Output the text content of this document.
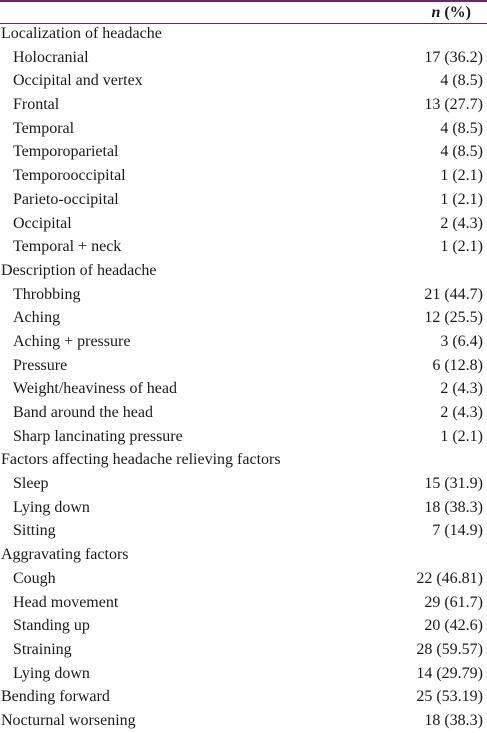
n (%)
Localization of headache
Holocranial	17 (36.2)
Occipital and vertex	4 (8.5)
Frontal	13 (27.7)
Temporal	4 (8.5)
Temporoparietal	4 (8.5)
Temporooccipital	1 (2.1)
Parieto-occipital	1 (2.1)
Occipital	2 (4.3)
Temporal + neck	1 (2.1)
Description of headache
Throbbing	21 (44.7)
Aching	12 (25.5)
Aching + pressure	3 (6.4)
Pressure	6 (12.8)
Weight/heaviness of head	2 (4.3)
Band around the head	2 (4.3)
Sharp lancinating pressure	1 (2.1)
Factors affecting headache relieving factors
Sleep	15 (31.9)
Lying down	18 (38.3)
Sitting	7 (14.9)
Aggravating factors
Cough	22 (46.81)
Head movement	29 (61.7)
Standing up	20 (42.6)
Straining	28 (59.57)
Lying down	14 (29.79)
Bending forward	25 (53.19)
Nocturnal worsening	18 (38.3)
